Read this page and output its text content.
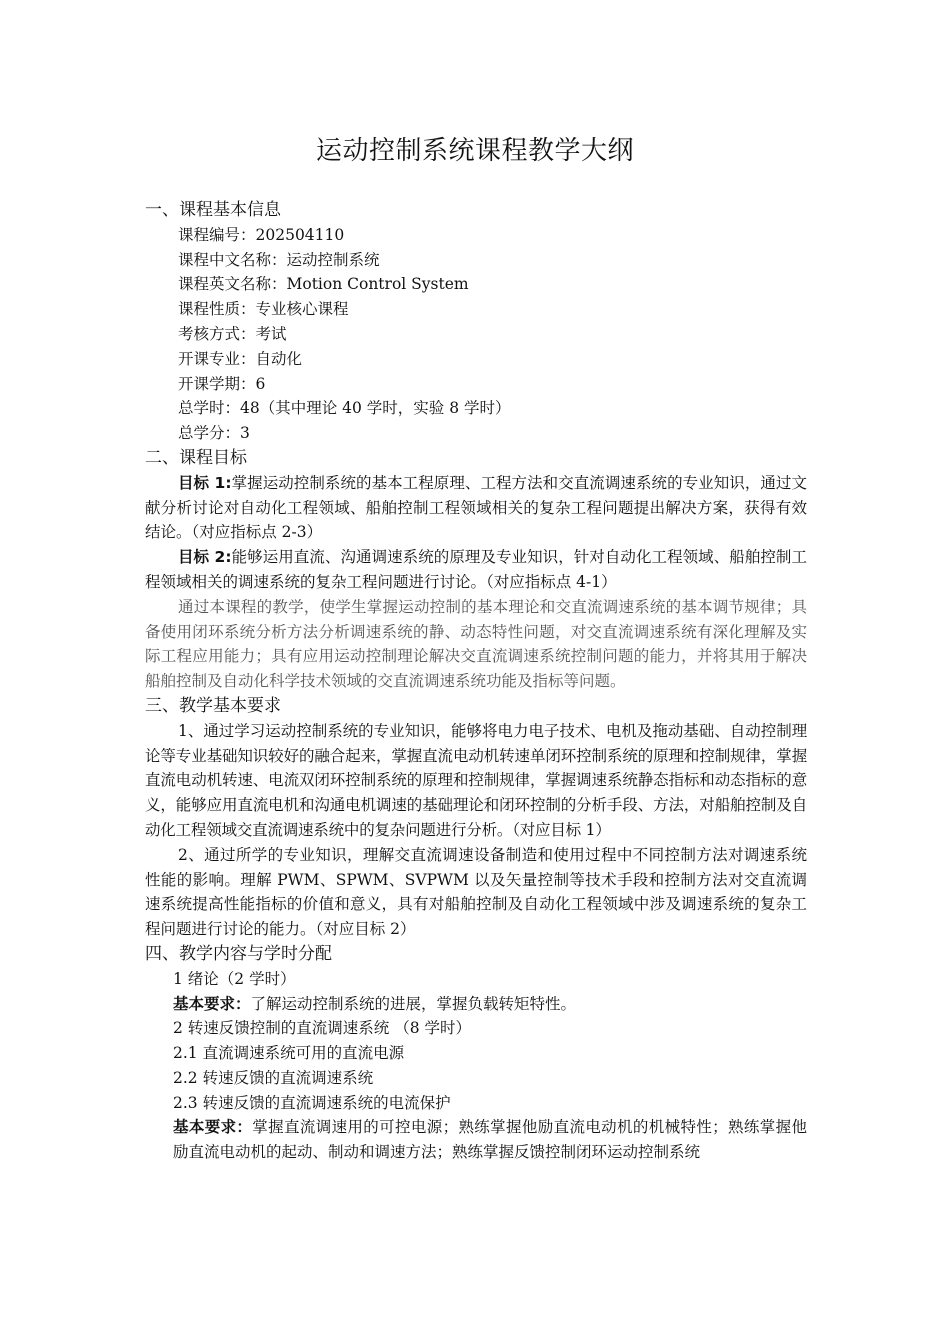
运动控制系统课程教学大纲
一、课程基本信息
课程编号：202504110
课程中文名称：运动控制系统
课程英文名称：Motion Control System
课程性质：专业核心课程
考核方式：考试
开课专业：自动化
开课学期：6
总学时：48（其中理论 40 学时，实验 8 学时）
总学分：3
二、课程目标
目标 1:掌握运动控制系统的基本工程原理、工程方法和交直流调速系统的专业知识，通过文献分析讨论对自动化工程领域、船舶控制工程领域相关的复杂工程问题提出解决方案，获得有效结论。（对应指标点 2-3）
目标 2:能够运用直流、沟通调速系统的原理及专业知识，针对自动化工程领域、船舶控制工程领域相关的调速系统的复杂工程问题进行讨论。（对应指标点 4-1）
通过本课程的教学，使学生掌握运动控制的基本理论和交直流调速系统的基本调节规律；具备使用闭环系统分析方法分析调速系统的静、动态特性问题，对交直流调速系统有深化理解及实际工程应用能力；具有应用运动控制理论解决交直流调速系统控制问题的能力，并将其用于解决船舶控制及自动化科学技术领域的交直流调速系统功能及指标等问题。
三、教学基本要求
1、通过学习运动控制系统的专业知识，能够将电力电子技术、电机及拖动基础、自动控制理论等专业基础知识较好的融合起来，掌握直流电动机转速单闭环控制系统的原理和控制规律，掌握直流电动机转速、电流双闭环控制系统的原理和控制规律，掌握调速系统静态指标和动态指标的意义，能够应用直流电机和沟通电机调速的基础理论和闭环控制的分析手段、方法，对船舶控制及自动化工程领域交直流调速系统中的复杂问题进行分析。（对应目标 1）
2、通过所学的专业知识，理解交直流调速设备制造和使用过程中不同控制方法对调速系统性能的影响。理解 PWM、SPWM、SVPWM 以及矢量控制等技术手段和控制方法对交直流调速系统提高性能指标的价值和意义，具有对船舶控制及自动化工程领域中涉及调速系统的复杂工程问题进行讨论的能力。（对应目标 2）
四、教学内容与学时分配
1 绪论（2 学时）
基本要求：了解运动控制系统的进展，掌握负载转矩特性。
2 转速反馈控制的直流调速系统 （8 学时）
2.1 直流调速系统可用的直流电源
2.2 转速反馈的直流调速系统
2.3 转速反馈的直流调速系统的电流保护
基本要求：掌握直流调速用的可控电源；熟练掌握他励直流电动机的机械特性；熟练掌握他励直流电动机的起动、制动和调速方法；熟练掌握反馈控制闭环运动控制系统
